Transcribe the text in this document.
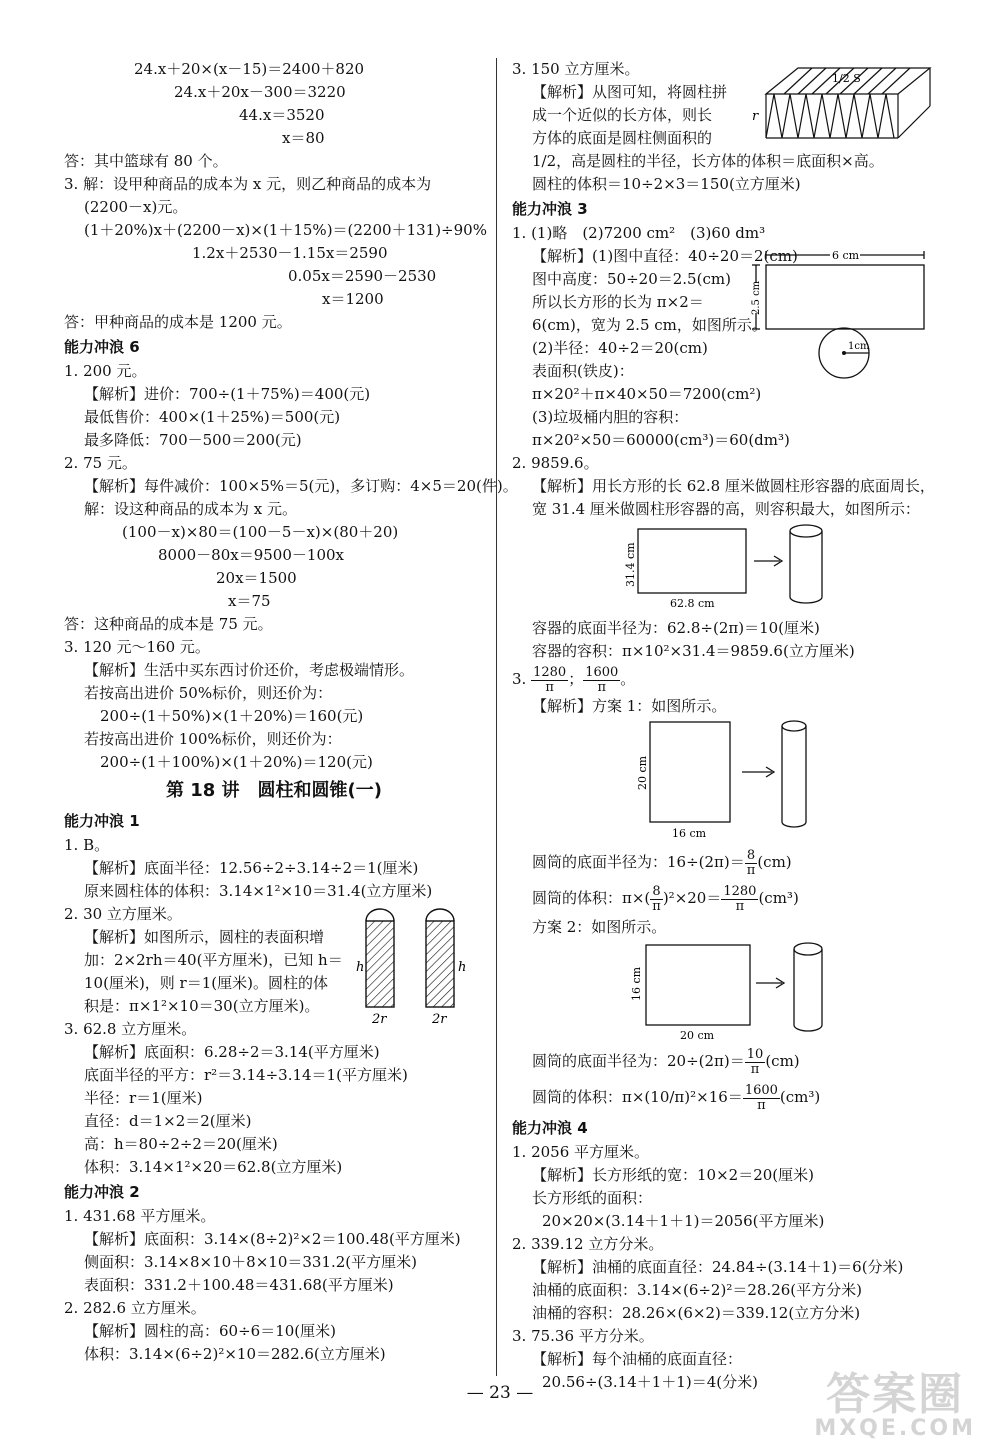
24.x＋20×(x－15)＝2400＋820
24.x＋20x－300＝3220
44.x＝3520
x＝80
答：其中篮球有 80 个。
3. 解：设甲种商品的成本为 x 元，则乙种商品的成本为
(2200－x)元。
(1＋20%)x＋(2200－x)×(1＋15%)＝(2200＋131)÷90%
1.2x＋2530－1.15x＝2590
0.05x＝2590－2530
x＝1200
答：甲种商品的成本是 1200 元。
能力冲浪 6
1. 200 元。
【解析】进价：700÷(1＋75%)＝400(元)
最低售价：400×(1＋25%)＝500(元)
最多降低：700－500＝200(元)
2. 75 元。
【解析】每件减价：100×5%＝5(元)，多订购：4×5＝20(件)。
解：设这种商品的成本为 x 元。
(100－x)×80＝(100－5－x)×(80＋20)
8000－80x＝9500－100x
20x＝1500
x＝75
答：这种商品的成本是 75 元。
3. 120 元～160 元。
【解析】生活中买东西讨价还价，考虑极端情形。
若按高出进价 50%标价，则还价为：
200÷(1＋50%)×(1＋20%)＝160(元)
若按高出进价 100%标价，则还价为：
200÷(1＋100%)×(1＋20%)＝120(元)
第 18 讲　圆柱和圆锥(一)
能力冲浪 1
1. B。
【解析】底面半径：12.56÷2÷3.14÷2＝1(厘米)
原来圆柱体的体积：3.14×1²×10＝31.4(立方厘米)
2. 30 立方厘米。
【解析】如图所示，圆柱的表面积增
加：2×2rh＝40(平方厘米)，已知 h＝
10(厘米)，则 r＝1(厘米)。圆柱的体
积是：π×1²×10＝30(立方厘米)。
h	h
2r	2r
3. 62.8 立方厘米。
【解析】底面积：6.28÷2＝3.14(平方厘米)
底面半径的平方：r²＝3.14÷3.14＝1(平方厘米)
半径：r＝1(厘米)
直径：d＝1×2＝2(厘米)
高：h＝80÷2÷2＝20(厘米)
体积：3.14×1²×20＝62.8(立方厘米)
能力冲浪 2
1. 431.68 平方厘米。
【解析】底面积：3.14×(8÷2)²×2＝100.48(平方厘米)
侧面积：3.14×8×10＋8×10＝331.2(平方厘米)
表面积：331.2＋100.48＝431.68(平方厘米)
2. 282.6 立方厘米。
【解析】圆柱的高：60÷6＝10(厘米)
体积：3.14×(6÷2)²×10＝282.6(立方厘米)
3. 150 立方厘米。
【解析】从图可知，将圆柱拼
成一个近似的长方体，则长
方体的底面是圆柱侧面积的
1/2，高是圆柱的半径，长方体的体积＝底面积×高。
圆柱的体积＝10÷2×3＝150(立方厘米)
1/2 S
r
能力冲浪 3
1. (1)略　(2)7200 cm²　(3)60 dm³
【解析】(1)图中直径：40÷20＝2(cm)
图中高度：50÷20＝2.5(cm)
所以长方形的长为 π×2＝
6(cm)，宽为 2.5 cm，如图所示。
(2)半径：40÷2＝20(cm)
表面积(铁皮)：
π×20²＋π×40×50＝7200(cm²)
(3)垃圾桶内胆的容积：
π×20²×50＝60000(cm³)＝60(dm³)
6 cm
2.5 cm
1cm
2. 9859.6。
【解析】用长方形的长 62.8 厘米做圆柱形容器的底面周长，
宽 31.4 厘米做圆柱形容器的高，则容积最大，如图所示：
62.8 cm
31.4 cm
容器的底面半径为：62.8÷(2π)＝10(厘米)
容器的容积：π×10²×31.4＝9859.6(立方厘米)
3. $\frac{1280}{\pi}$ ； $\frac{1600}{\pi}$ 。
【解析】方案 1：如图所示。
16 cm
20 cm
圆筒的底面半径为：$16\div(2\pi)= \frac{8}{\pi} (cm)$
圆筒的体积：$\pi\times( \frac{8}{\pi} )^2\times 20= \frac{1280}{\pi} (cm^3)$
方案 2：如图所示。
20 cm
16 cm
圆筒的底面半径为：$20\div(2\pi)= \frac{10}{\pi} (cm)$
圆筒的体积：$\pi\times(10/\pi)^2\times 16= \frac{1600}{\pi} (cm^3)$
能力冲浪 4
1. 2056 平方厘米。
【解析】长方形纸的宽：10×2＝20(厘米)
长方形纸的面积：
20×20×(3.14＋1＋1)＝2056(平方厘米)
2. 339.12 立方分米。
【解析】油桶的底面直径：24.84÷(3.14＋1)＝6(分米)
油桶的底面积：3.14×(6÷2)²＝28.26(平方分米)
油桶的容积：28.26×(6×2)＝339.12(立方分米)
3. 75.36 平方分米。
【解析】每个油桶的底面直径：
20.56÷(3.14＋1＋1)＝4(分米)
— 23 —	答案圈
MXQE.COM
